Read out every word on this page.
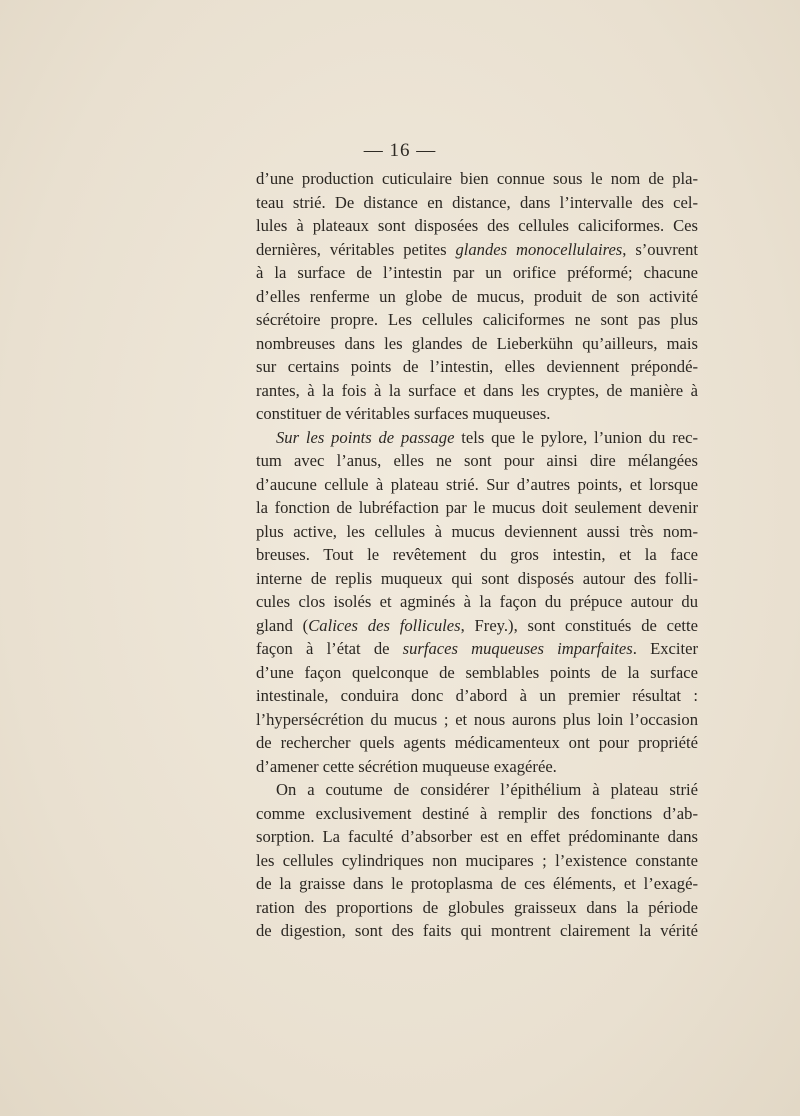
— 16 —
d’une production cuticulaire bien connue sous le nom de pla-
teau strié. De distance en distance, dans l’intervalle des cel-
lules à plateaux sont disposées des cellules caliciformes. Ces
dernières, véritables petites glandes monocellulaires, s’ouvrent
à la surface de l’intestin par un orifice préformé; chacune
d’elles renferme un globe de mucus, produit de son activité
sécrétoire propre. Les cellules caliciformes ne sont pas plus
nombreuses dans les glandes de Lieberkühn qu’ailleurs, mais
sur certains points de l’intestin, elles deviennent prépondé-
rantes, à la fois à la surface et dans les cryptes, de manière à
constituer de véritables surfaces muqueuses.
Sur les points de passage tels que le pylore, l’union du rec-
tum avec l’anus, elles ne sont pour ainsi dire mélangées
d’aucune cellule à plateau strié. Sur d’autres points, et lorsque
la fonction de lubréfaction par le mucus doit seulement devenir
plus active, les cellules à mucus deviennent aussi très nom-
breuses. Tout le revêtement du gros intestin, et la face
interne de replis muqueux qui sont disposés autour des folli-
cules clos isolés et agminés à la façon du prépuce autour du
gland (Calices des follicules, Frey.), sont constitués de cette
façon à l’état de surfaces muqueuses imparfaites. Exciter
d’une façon quelconque de semblables points de la surface
intestinale, conduira donc d’abord à un premier résultat :
l’hypersécrétion du mucus ; et nous aurons plus loin l’occasion
de rechercher quels agents médicamenteux ont pour propriété
d’amener cette sécrétion muqueuse exagérée.
On a coutume de considérer l’épithélium à plateau strié
comme exclusivement destiné à remplir des fonctions d’ab-
sorption. La faculté d’absorber est en effet prédominante dans
les cellules cylindriques non mucipares ; l’existence constante
de la graisse dans le protoplasma de ces éléments, et l’exagé-
ration des proportions de globules graisseux dans la période
de digestion, sont des faits qui montrent clairement la vérité
